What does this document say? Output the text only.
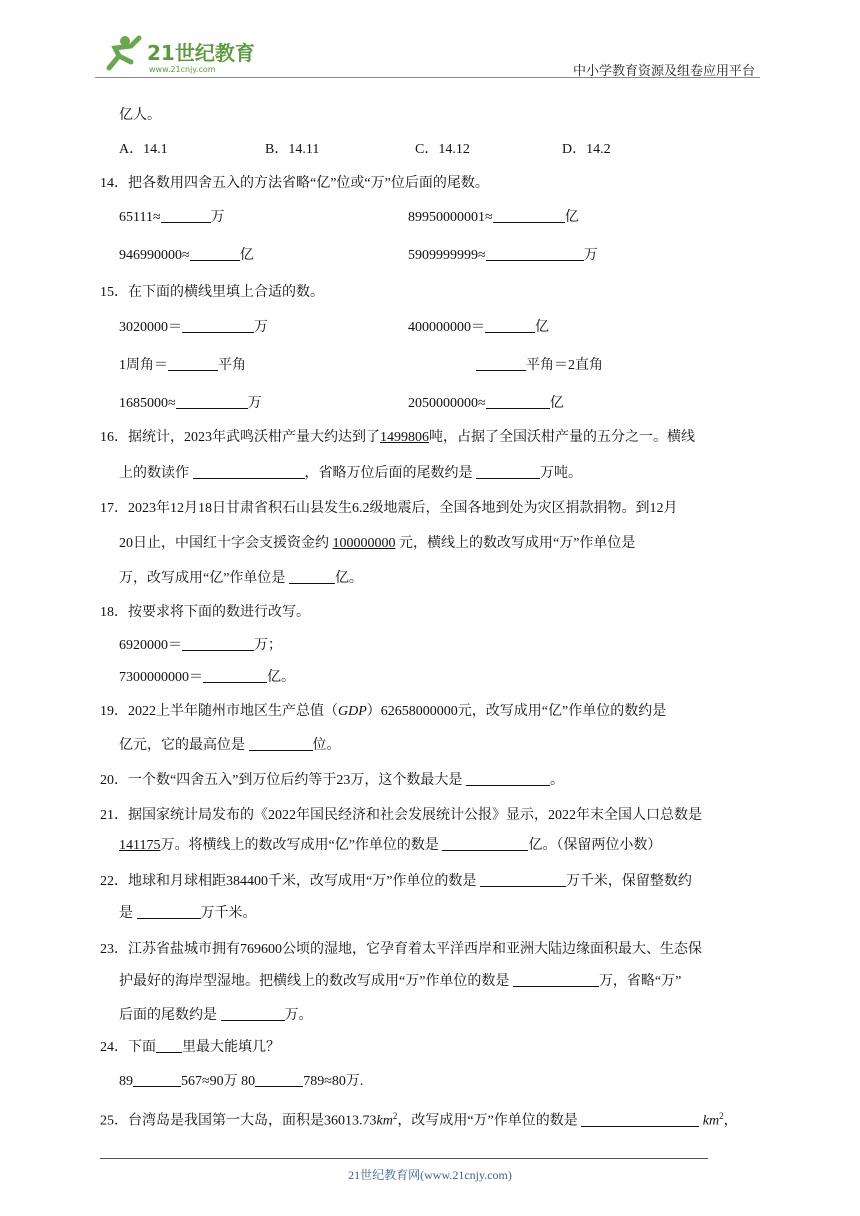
21世纪教育
www.21cnjy.com	中小学教育资源及组卷应用平台
亿人。
A．14.1	B．14.11	C．14.12	D．14.2
14．把各数用四舍五入的方法省略“亿”位或“万”位后面的尾数。
65111≈	万	89950000001≈	亿
946990000≈	亿	5909999999≈	万
15．在下面的横线里填上合适的数。
3020000＝	万	400000000＝	亿
1周角＝	平角	平角＝2直角
1685000≈	万	2050000000≈	亿
16．据统计，2023年武鸣沃柑产量大约达到了1499806吨，占据了全国沃柑产量的五分之一。横线
上的数读作	，省略万位后面的尾数约是	万吨。
17．2023年12月18日甘肃省积石山县发生6.2级地震后，全国各地到处为灾区捐款捐物。到12月
20日止，中国红十字会支援资金约 100000000 元，横线上的数改写成用“万”作单位是
万，改写成用“亿”作单位是	亿。
18．按要求将下面的数进行改写。
6920000＝	万；
7300000000＝	亿。
19．2022上半年随州市地区生产总值（GDP）62658000000元，改写成用“亿”作单位的数约是
亿元，它的最高位是	位。
20．一个数“四舍五入”到万位后约等于23万，这个数最大是	。
21．据国家统计局发布的《2022年国民经济和社会发展统计公报》显示，2022年末全国人口总数是
141175万。将横线上的数改写成用“亿”作单位的数是	亿。（保留两位小数）
22．地球和月球相距384400千米，改写成用“万”作单位的数是	万千米，保留整数约
是	万千米。
23．江苏省盐城市拥有769600公顷的湿地，它孕育着太平洋西岸和亚洲大陆边缘面积最大、生态保
护最好的海岸型湿地。把横线上的数改写成用“万”作单位的数是	万，省略“万”
后面的尾数约是	万。
24．下面 里最大能填几？
89	567≈90万 80	789≈80万.
25．台湾岛是我国第一大岛，面积是$36013.73km^2$，改写成用“万”作单位的数是	$km^2$，
21世纪教育网(www.21cnjy.com)
